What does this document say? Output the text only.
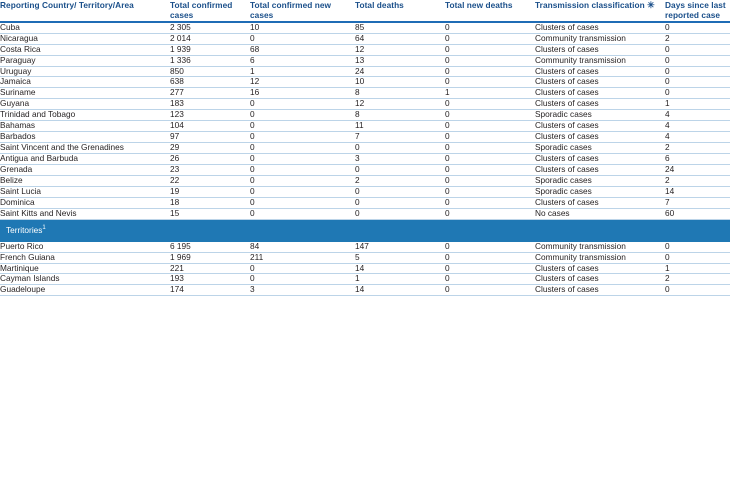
Reporting Country/ Territory/Area	Total confirmed cases	Total confirmed new cases	Total deaths	Total new deaths	Transmission classification ✳	Days since last reported case
Cuba	2 305	10	85	0	Clusters of cases	0
Nicaragua	2 014	0	64	0	Community transmission	2
Costa Rica	1 939	68	12	0	Clusters of cases	0
Paraguay	1 336	6	13	0	Community transmission	0
Uruguay	850	1	24	0	Clusters of cases	0
Jamaica	638	12	10	0	Clusters of cases	0
Suriname	277	16	8	1	Clusters of cases	0
Guyana	183	0	12	0	Clusters of cases	1
Trinidad and Tobago	123	0	8	0	Sporadic cases	4
Bahamas	104	0	11	0	Clusters of cases	4
Barbados	97	0	7	0	Clusters of cases	4
Saint Vincent and the Grenadines	29	0	0	0	Sporadic cases	2
Antigua and Barbuda	26	0	3	0	Clusters of cases	6
Grenada	23	0	0	0	Clusters of cases	24
Belize	22	0	2	0	Sporadic cases	2
Saint Lucia	19	0	0	0	Sporadic cases	14
Dominica	18	0	0	0	Clusters of cases	7
Saint Kitts and Nevis	15	0	0	0	No cases	60
Territories$^1$
Puerto Rico	6 195	84	147	0	Community transmission	0
French Guiana	1 969	211	5	0	Community transmission	0
Martinique	221	0	14	0	Clusters of cases	1
Cayman Islands	193	0	1	0	Clusters of cases	2
Guadeloupe	174	3	14	0	Clusters of cases	0
